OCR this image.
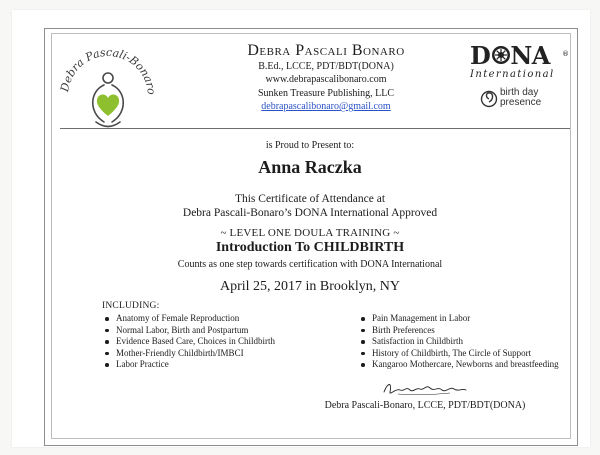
Debra Pascali-Bonaro
Debra Pascali Bonaro
B.Ed., LCCE, PDT/BDT(DONA)
www.debrapascalibonaro.com
Sunken Treasure Publishing, LLC
debrapascalibonaro@gmail.com
D NA ®
International
birth day
presence
is Proud to Present to:
Anna Raczka
This Certificate of Attendance at
Debra Pascali-Bonaro’s DONA International Approved
~ LEVEL ONE DOULA TRAINING ~
Introduction To CHILDBIRTH
Counts as one step towards certification with DONA International
April 25, 2017 in Brooklyn, NY
INCLUDING:
Anatomy of Female Reproduction
Normal Labor, Birth and Postpartum
Evidence Based Care, Choices in Childbirth
Mother-Friendly Childbirth/IMBCI
Labor Practice
Pain Management in Labor
Birth Preferences
Satisfaction in Childbirth
History of Childbirth, The Circle of Support
Kangaroo Mothercare, Newborns and breastfeeding
Debra Pascali-Bonaro, LCCE, PDT/BDT(DONA)
